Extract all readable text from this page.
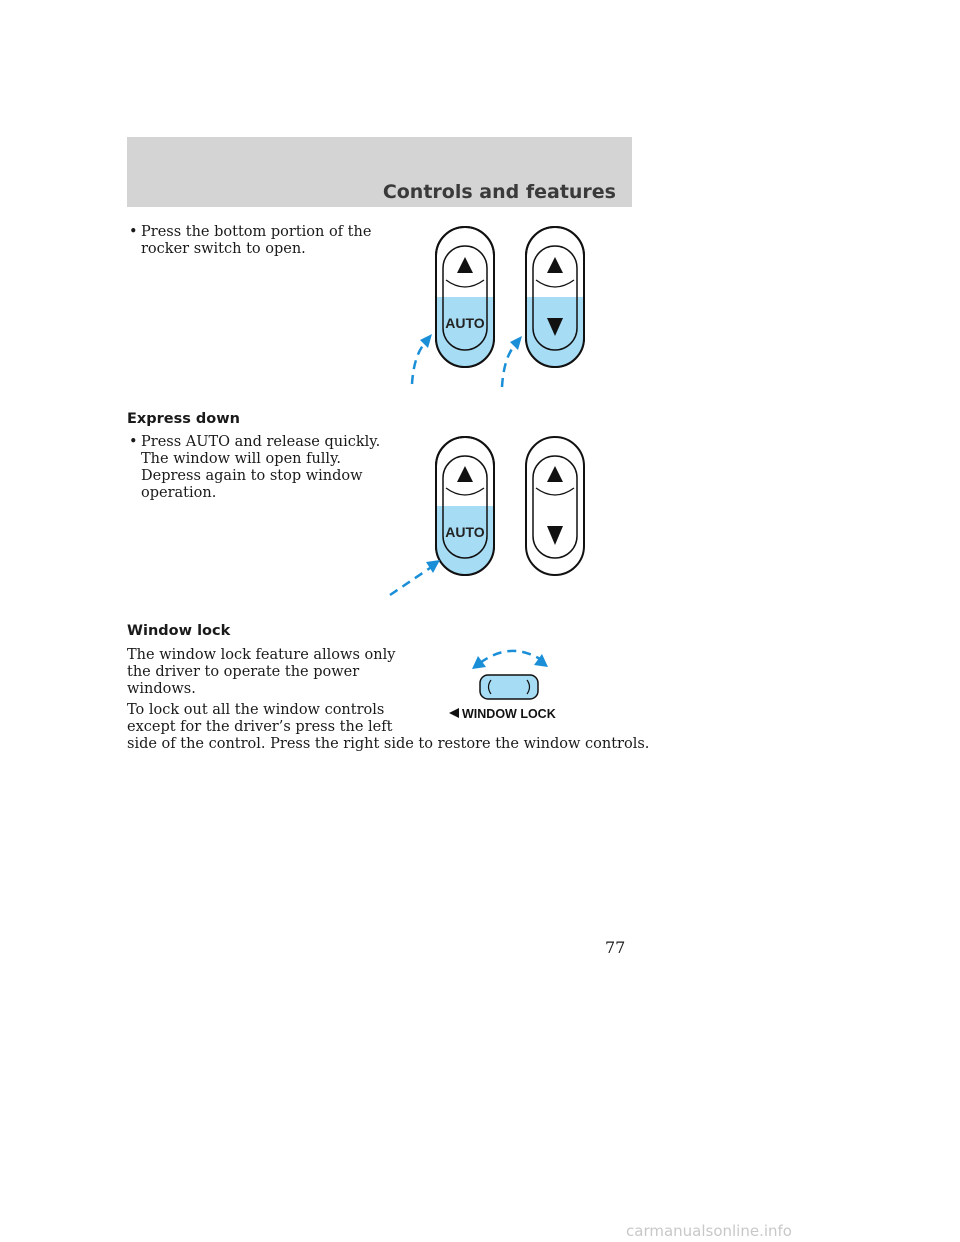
Controls and features
• Press the bottom portion of the
rocker switch to open.
AUTO
Express down
• Press AUTO and release quickly.
The window will open fully.
Depress again to stop window
operation.
AUTO
Window lock
The window lock feature allows only
the driver to operate the power
windows.
To lock out all the window controls
except for the driver’s press the left
side of the control. Press the right side to restore the window controls.
WINDOW LOCK
77
carmanualsonline.info
